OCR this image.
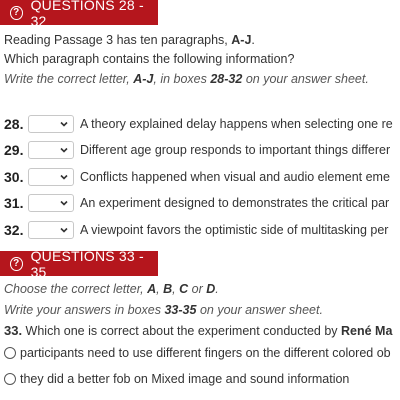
? QUESTIONS 28 - 32
Reading Passage 3 has ten paragraphs, A-J.
Which paragraph contains the following information?
Write the correct letter, A-J, in boxes 28-32 on your answer sheet.
28.	A theory explained delay happens when selecting one re
29.	Different age group responds to important things differer
30.	Conflicts happened when visual and audio element eme
31.	An experiment designed to demonstrates the critical par
32.	A viewpoint favors the optimistic side of multitasking per
? QUESTIONS 33 - 35
Choose the correct letter, A, B, C or D.
Write your answers in boxes 33-35 on your answer sheet.
33. Which one is correct about the experiment conducted by René Ma
participants need to use different fingers on the different colored ob
they did a better fob on Mixed image and sound information
